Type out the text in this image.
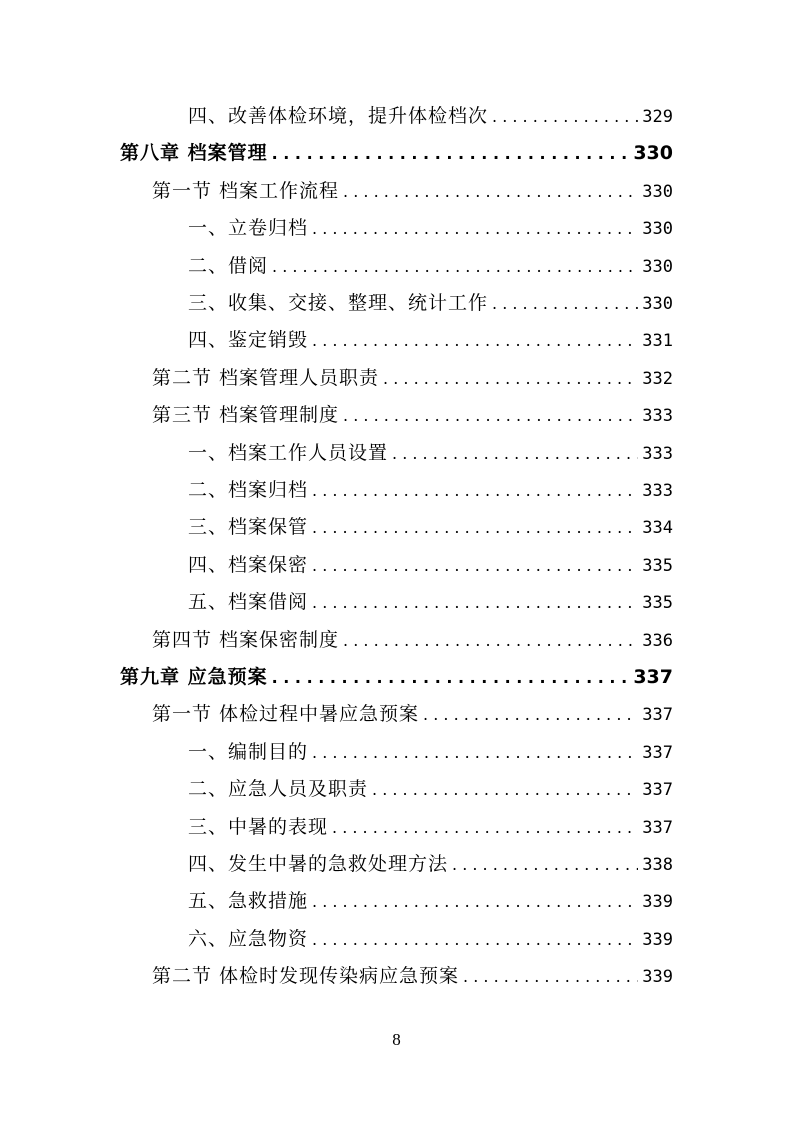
四、改善体检环境，提升体检档次 . . .	329
第八章 档案管理 . . .	330
第一节 档案工作流程 . . .	330
一、立卷归档 . . .	330
二、借阅 . . .	330
三、收集、交接、整理、统计工作 . . .	330
四、鉴定销毁 . . .	331
第二节 档案管理人员职责 . . .	332
第三节 档案管理制度 . . .	333
一、档案工作人员设置 . . .	333
二、档案归档 . . .	333
三、档案保管 . . .	334
四、档案保密 . . .	335
五、档案借阅 . . .	335
第四节 档案保密制度 . . .	336
第九章 应急预案 . . .	337
第一节 体检过程中暑应急预案 . . .	337
一、编制目的 . . .	337
二、应急人员及职责 . . .	337
三、中暑的表现 . . .	337
四、发生中暑的急救处理方法 . . .	338
五、急救措施 . . .	339
六、应急物资 . . .	339
第二节 体检时发现传染病应急预案 . . .	339
8
